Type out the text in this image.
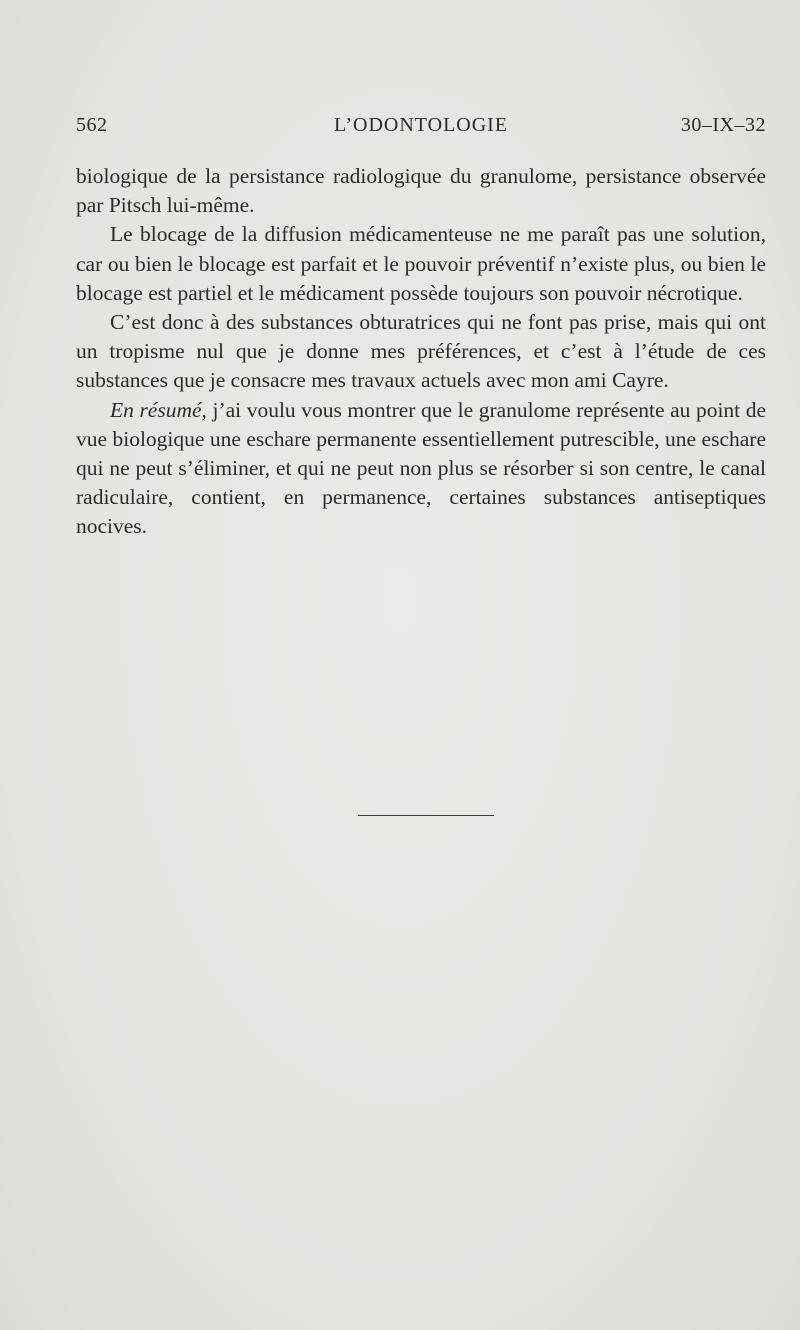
562	L’ODONTOLOGIE	30–IX–32

biologique de la persistance radiologique du granulome, persistance observée par Pitsch lui-même.

Le blocage de la diffusion médicamenteuse ne me paraît pas une solution, car ou bien le blocage est parfait et le pouvoir préventif n’existe plus, ou bien le blocage est partiel et le médicament possède toujours son pouvoir nécrotique.

C’est donc à des substances obturatrices qui ne font pas prise, mais qui ont un tropisme nul que je donne mes préférences, et c’est à l’étude de ces substances que je consacre mes travaux actuels avec mon ami Cayre.

En résumé, j’ai voulu vous montrer que le granulome représente au point de vue biologique une eschare permanente essentiellement putrescible, une eschare qui ne peut s’éliminer, et qui ne peut non plus se résorber si son centre, le canal radiculaire, contient, en permanence, certaines substances antiseptiques nocives.
